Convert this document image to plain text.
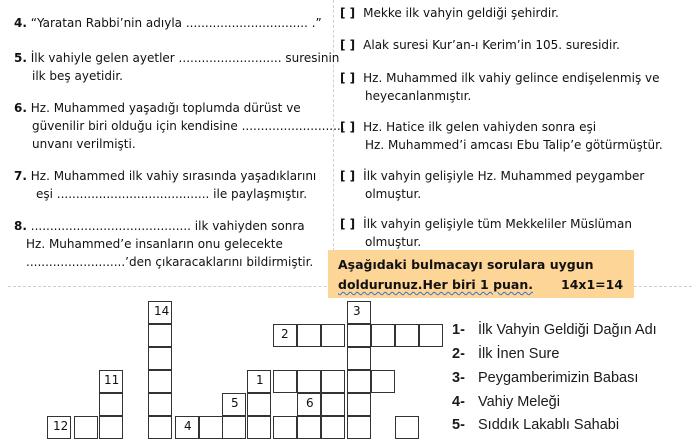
4. “Yaratan Rabbi’nin adıyla ................................ .”
5. İlk vahiyle gelen ayetler ........................... suresinin
ilk beş ayetidir.
6. Hz. Muhammed yaşadığı toplumda dürüst ve
güvenilir biri olduğu için kendisine ...........................
unvanı verilmişti.
7. Hz. Muhammed ilk vahiy sırasında yaşadıklarını
eşi ........................................ ile paylaşmıştır.
8. .......................................... ilk vahiyden sonra
Hz. Muhammed’e insanların onu gelecekte
..........................’den çıkaracaklarını bildirmiştir.
[ ] Mekke ilk vahyin geldiği şehirdir.
[ ] Alak suresi Kur’an-ı Kerim’in 105. suresidir.
[ ] Hz. Muhammed ilk vahiy gelince endişelenmiş ve
heyecanlanmıştır.
[ ] Hz. Hatice ilk gelen vahiyden sonra eşi
Hz. Muhammed’i amcası Ebu Talip’e götürmüştür.
[ ] İlk vahyin gelişiyle Hz. Muhammed peygamber
olmuştur.
[ ] İlk vahyin gelişiyle tüm Mekkeliler Müslüman
olmuştur.
14	3
2
11	1
5	6
12	4
Aşağıdaki bulmacayı sorulara uygun
doldurunuz.Her biri 1 puan. 14x1=14
1- İlk Vahyin Geldiği Dağın Adı
2- İlk İnen Sure
3- Peygamberimizin Babası
4- Vahiy Meleği
5- Sıddık Lakablı Sahabi
